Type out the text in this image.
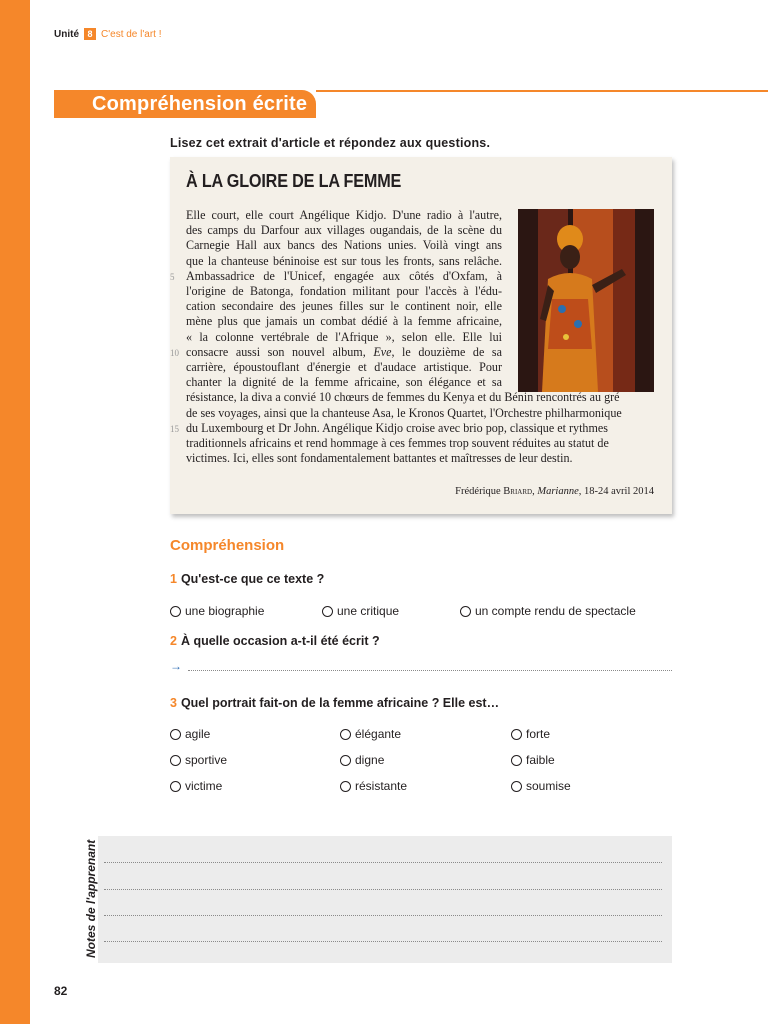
Unité 8 C'est de l'art !
Compréhension écrite
Lisez cet extrait d'article et répondez aux questions.
À LA GLOIRE DE LA FEMME
Elle court, elle court Angélique Kidjo. D'une radio à l'autre,
des camps du Darfour aux villages ougandais, de la scène du
Carnegie Hall aux bancs des Nations unies. Voilà vingt ans
que la chanteuse béninoise est sur tous les fronts, sans relâche.
5 Ambassadrice de l'Unicef, engagée aux côtés d'Oxfam, à
l'origine de Batonga, fondation militant pour l'accès à l'édu-
cation secondaire des jeunes filles sur le continent noir, elle
mène plus que jamais un combat dédié à la femme africaine,
« la colonne vertébrale de l'Afrique », selon elle. Elle lui
10 consacre aussi son nouvel album, Eve, le douzième de sa
carrière, époustouflant d'énergie et d'audace artistique. Pour
chanter la dignité de la femme africaine, son élégance et sa
résistance, la diva a convié 10 chœurs de femmes du Kenya et du Bénin rencontrés au gré
de ses voyages, ainsi que la chanteuse Asa, le Kronos Quartet, l'Orchestre philharmonique
15 du Luxembourg et Dr John. Angélique Kidjo croise avec brio pop, classique et rythmes
traditionnels africains et rend hommage à ces femmes trop souvent réduites au statut de
victimes. Ici, elles sont fondamentalement battantes et maîtresses de leur destin.
Frédérique Briard, Marianne, 18-24 avril 2014
Compréhension
1 Qu'est-ce que ce texte ?
une biographie	une critique	un compte rendu de spectacle
2 À quelle occasion a-t-il été écrit ?
→
3 Quel portrait fait-on de la femme africaine ? Elle est…
agile	élégante	forte
sportive	digne	faible
victime	résistante	soumise
Notes de l'apprenant
82
